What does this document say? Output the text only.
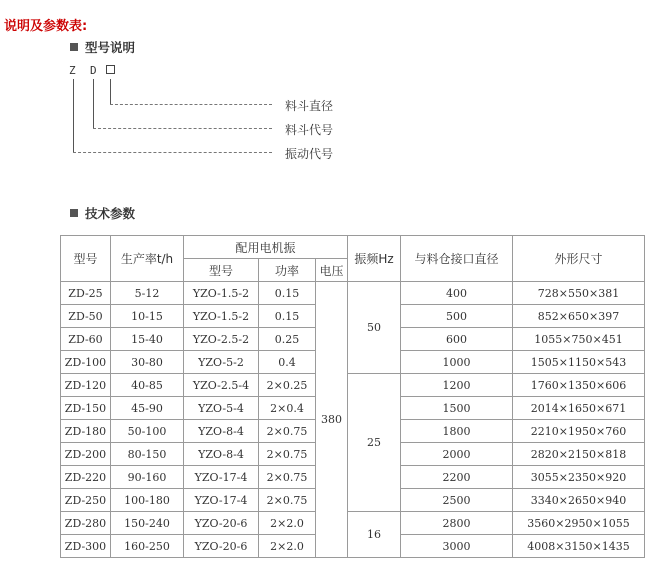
说明及参数表:
型号说明
Z D
料斗直径
料斗代号
振动代号
技术参数
型号	生产率t/h	配用电机振			振频Hz	与料仓接口直径	外形尺寸
		型号	功率	电压			
ZD-25	5-12	YZO-1.5-2	0.15	380	50	400	728×550×381
ZD-50	10-15	YZO-1.5-2	0.15			500	852×650×397
ZD-60	15-40	YZO-2.5-2	0.25			600	1055×750×451
ZD-100	30-80	YZO-5-2	0.4			1000	1505×1150×543
ZD-120	40-85	YZO-2.5-4	2×0.25		25	1200	1760×1350×606
ZD-150	45-90	YZO-5-4	2×0.4			1500	2014×1650×671
ZD-180	50-100	YZO-8-4	2×0.75			1800	2210×1950×760
ZD-200	80-150	YZO-8-4	2×0.75			2000	2820×2150×818
ZD-220	90-160	YZO-17-4	2×0.75			2200	3055×2350×920
ZD-250	100-180	YZO-17-4	2×0.75			2500	3340×2650×940
ZD-280	150-240	YZO-20-6	2×2.0		16	2800	3560×2950×1055
ZD-300	160-250	YZO-20-6	2×2.0			3000	4008×3150×1435
